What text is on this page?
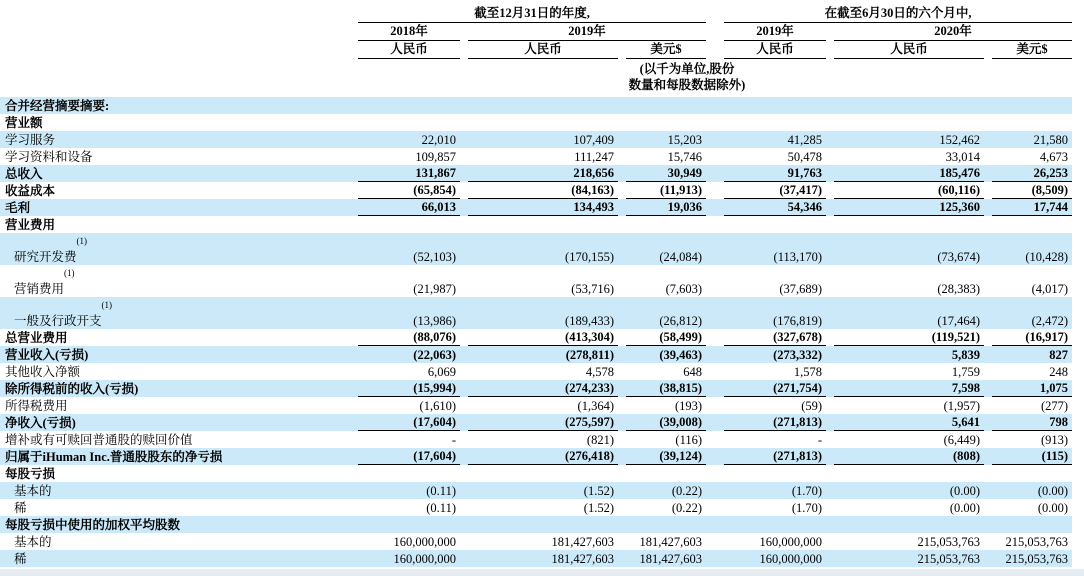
	截至12月31日的年度,				在截至6月30日的六个月中,		

	2018年	2019年			2019年	2020年	

	人民币	人民币	美元$		人民币	人民币	美元$

(以千为单位,股份
数量和每股数据除外)							

合并经营摘要摘要:							

营业额							

学习服务	22,010	107,409	15,203		41,285	152,462	21,580

学习资料和设备	109,857	111,247	15,746		50,478	33,014	4,673

总收入	131,867	218,656	30,949		91,763	185,476	26,253

收益成本	(65,854)	(84,163)	(11,913)		(37,417)	(60,116)	(8,509)

毛利	66,013	134,493	19,036		54,346	125,360	17,744

营业费用							

(1)
研究开发费	(52,103)	(170,155)	(24,084)		(113,170)	(73,674)	(10,428)

(1)
营销费用	(21,987)	(53,716)	(7,603)		(37,689)	(28,383)	(4,017)

(1)
一般及行政开支	(13,986)	(189,433)	(26,812)		(176,819)	(17,464)	(2,472)

总营业费用	(88,076)	(413,304)	(58,499)		(327,678)	(119,521)	(16,917)

营业收入(亏损)	(22,063)	(278,811)	(39,463)		(273,332)	5,839	827

其他收入净额	6,069	4,578	648		1,578	1,759	248

除所得税前的收入(亏损)	(15,994)	(274,233)	(38,815)		(271,754)	7,598	1,075

所得税费用	(1,610)	(1,364)	(193)		(59)	(1,957)	(277)

净收入(亏损)	(17,604)	(275,597)	(39,008)		(271,813)	5,641	798

增补或有可赎回普通股的赎回价值	-	(821)	(116)		-	(6,449)	(913)

归属于iHuman Inc.普通股股东的净亏损	(17,604)	(276,418)	(39,124)		(271,813)	(808)	(115)

每股亏损							

基本的	(0.11)	(1.52)	(0.22)		(1.70)	(0.00)	(0.00)

稀	(0.11)	(1.52)	(0.22)		(1.70)	(0.00)	(0.00)

每股亏损中使用的加权平均股数							

基本的	160,000,000	181,427,603	181,427,603		160,000,000	215,053,763	215,053,763

稀	160,000,000	181,427,603	181,427,603		160,000,000	215,053,763	215,053,763
